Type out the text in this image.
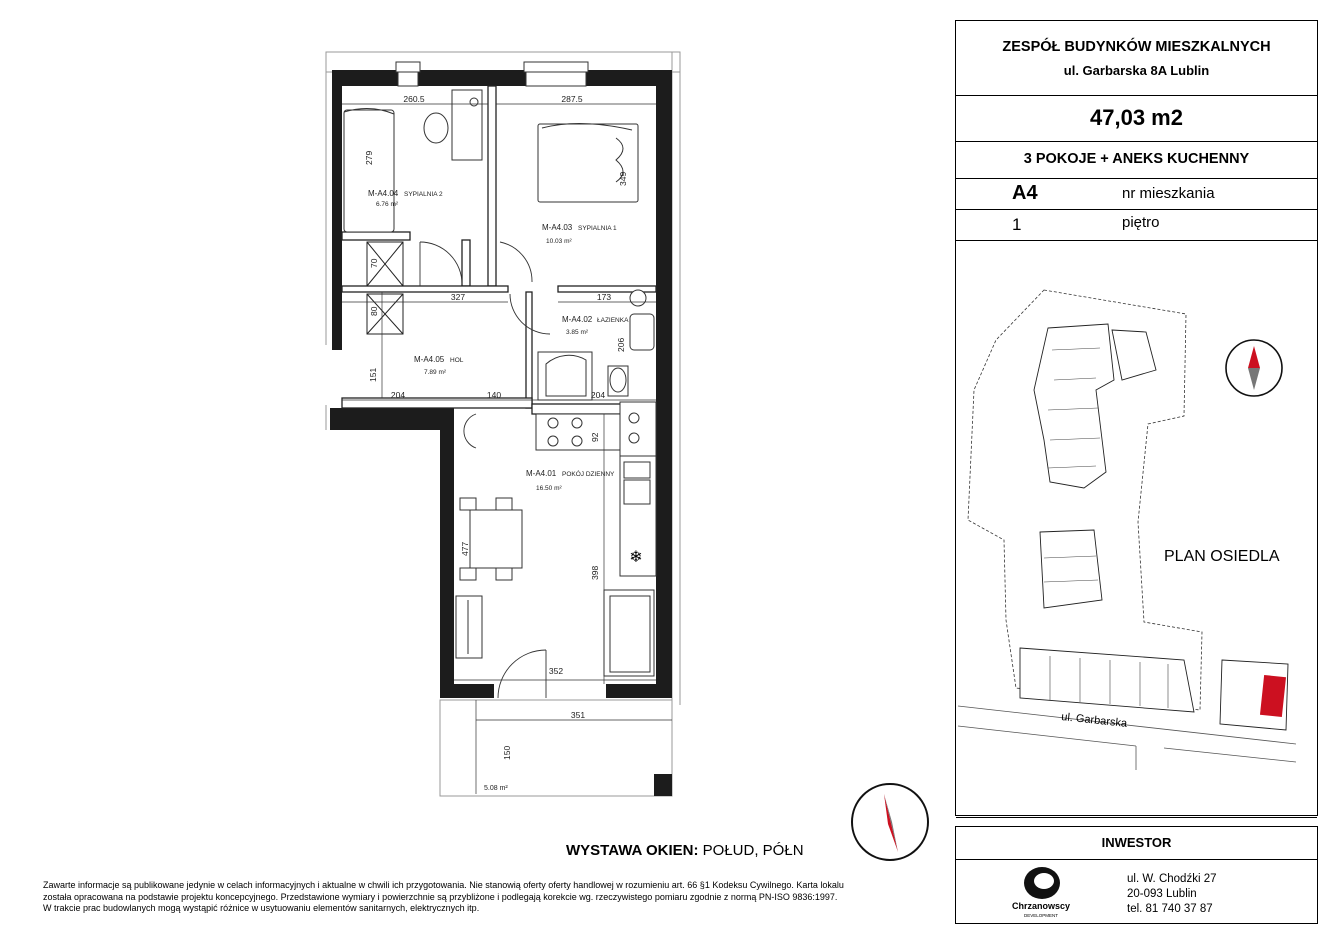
❄
260.5	287.5
279
349
327	173
70
80
206
151
204	140	204
92
477
398
352
351
150
M-A4.04 SYPIALNIA 2
6.76 m²
M-A4.03 SYPIALNIA 1
10.03 m²
M-A4.02 ŁAZIENKA
3.85 m²
M-A4.05 HOL
7.89 m²
M-A4.01 POKÓJ DZIENNY
16.50 m²
5.08 m²
ZESPÓŁ BUDYNKÓW MIESZKALNYCH
ul. Garbarska 8A Lublin
47,03 m2
3 POKOJE + ANEKS KUCHENNY
A4	nr mieszkania
1	piętro
PLAN OSIEDLA
ul. Garbarska
INWESTOR
Chrzanowscy
DEVELOPMENT
ul. W. Chodźki 27
20-093 Lublin
tel. 81 740 37 87
WYSTAWA OKIEN: POŁUD, PÓŁN
Zawarte informacje są publikowane jedynie w celach informacyjnych i aktualne w chwili ich przygotowania. Nie stanowią oferty oferty handlowej w rozumieniu art. 66 §1 Kodeksu Cywilnego. Karta lokalu
została opracowana na podstawie projektu koncepcyjnego. Przedstawione wymiary i powierzchnie są przybliżone i podlegają korekcie wg. rzeczywistego pomiaru zgodnie z normą PN-ISO 9836:1997.
W trakcie prac budowlanych mogą wystąpić różnice w usytuowaniu elementów sanitarnych, elektrycznych itp.
